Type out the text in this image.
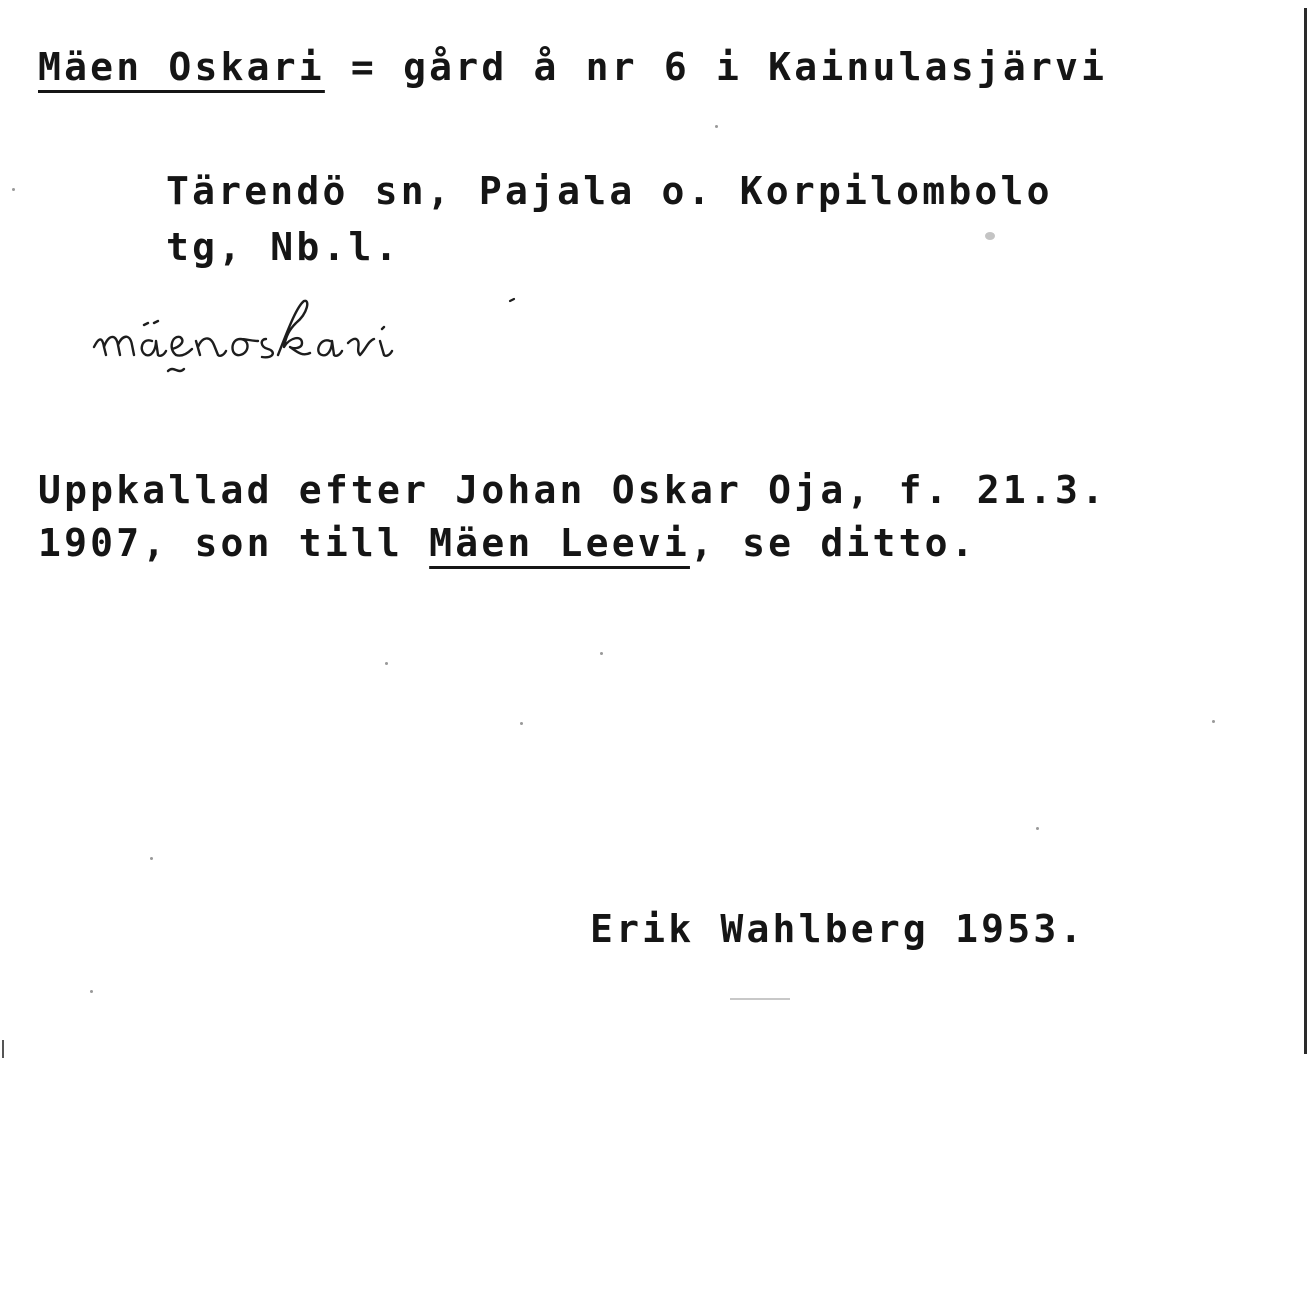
Mäen Oskari = gård å nr 6 i Kainulasjärvi
Tärendö sn, Pajala o. Korpilombolo
tg, Nb.l.
Uppkallad efter Johan Oskar Oja, f. 21.3.
1907, son till Mäen Leevi, se ditto.
Erik Wahlberg 1953.
